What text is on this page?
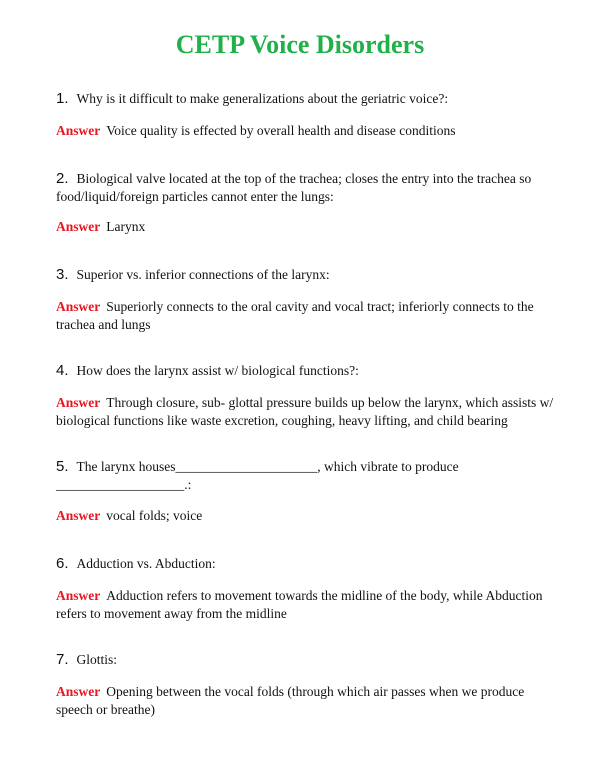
CETP Voice Disorders
1. Why is it difficult to make generalizations about the geriatric voice?:
Answer Voice quality is effected by overall health and disease conditions
2. Biological valve located at the top of the trachea; closes the entry into the trachea so food/liquid/foreign particles cannot enter the lungs:
Answer Larynx
3. Superior vs. inferior connections of the larynx:
Answer Superiorly connects to the oral cavity and vocal tract; inferiorly connects to the trachea and lungs
4. How does the larynx assist w/ biological functions?:
Answer Through closure, sub- glottal pressure builds up below the larynx, which assists w/ biological functions like waste excretion, coughing, heavy lifting, and child bearing
5. The larynx houses_____________________, which vibrate to produce ___________________.:
Answer vocal folds; voice
6. Adduction vs. Abduction:
Answer Adduction refers to movement towards the midline of the body, while Abduction refers to movement away from the midline
7. Glottis:
Answer Opening between the vocal folds (through which air passes when we produce speech or breathe)
